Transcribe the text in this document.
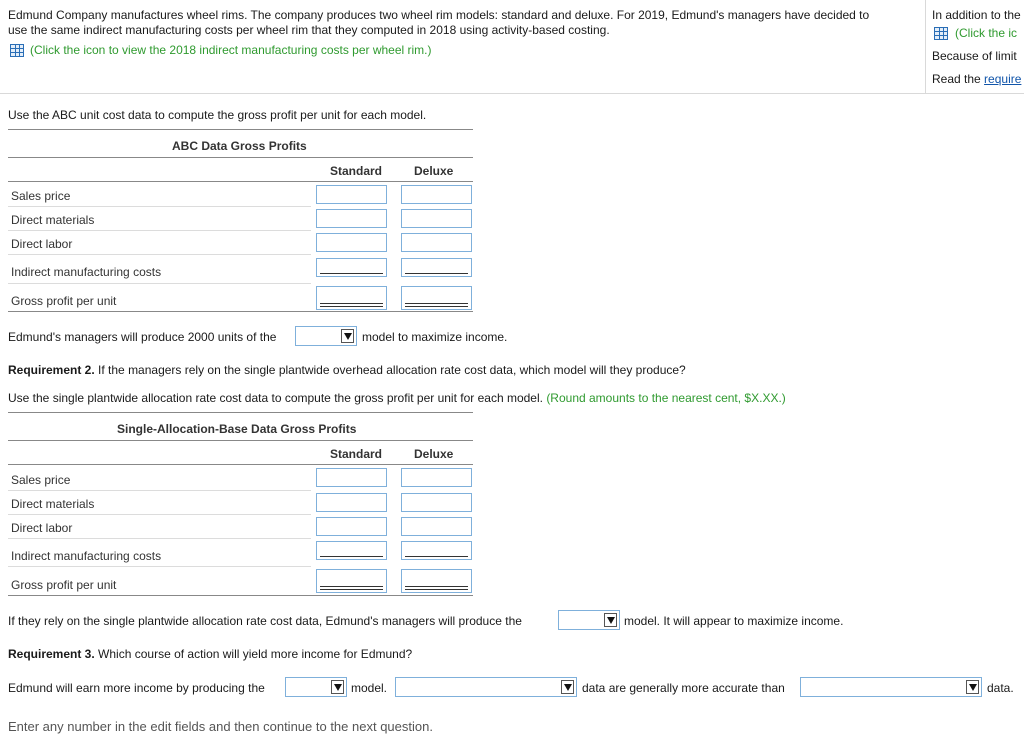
Edmund Company manufactures wheel rims. The company produces two wheel rim models: standard and deluxe. For 2019, Edmund's managers have decided to
use the same indirect manufacturing costs per wheel rim that they computed in 2018 using activity-based costing.
(Click the icon to view the 2018 indirect manufacturing costs per wheel rim.)
In addition to the
(Click the ic
Because of limit
Read the require
Use the ABC unit cost data to compute the gross profit per unit for each model.
ABC Data Gross Profits
Standard	Deluxe
Sales price
Direct materials
Direct labor
Indirect manufacturing costs
Gross profit per unit
Edmund's managers will produce 2000 units of the	model to maximize income.
Requirement 2. If the managers rely on the single plantwide overhead allocation rate cost data, which model will they produce?
Use the single plantwide allocation rate cost data to compute the gross profit per unit for each model. (Round amounts to the nearest cent, $X.XX.)
Single-Allocation-Base Data Gross Profits
Standard	Deluxe
Sales price
Direct materials
Direct labor
Indirect manufacturing costs
Gross profit per unit
If they rely on the single plantwide allocation rate cost data, Edmund's managers will produce the	model. It will appear to maximize income.
Requirement 3. Which course of action will yield more income for Edmund?
Edmund will earn more income by producing the	model.	data are generally more accurate than	data.
Enter any number in the edit fields and then continue to the next question.
